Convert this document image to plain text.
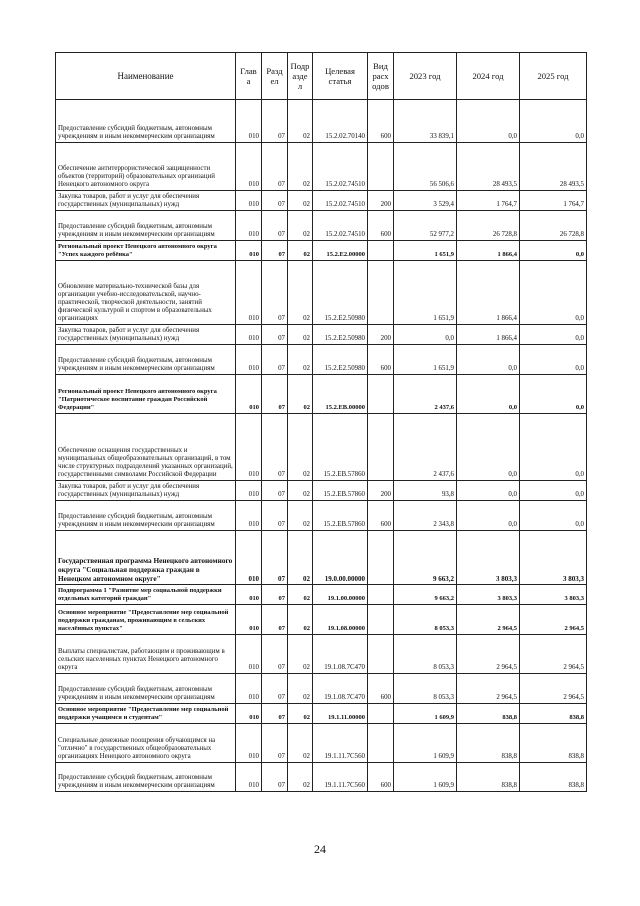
Наименование	Глав а	Разд ел	Подр азде л	Целевая статья	Вид расх одов	2023 год	2024 год	2025 год
Предоставление субсидий бюджетным, автономным учреждениям и иным некоммерческим организациям	010	07	02	15.2.02.70140	600	33 839,1	0,0	0,0
Обеспечение антитеррористической защищенности объектов (территорий) образовательных организаций Ненецкого автономного округа	010	07	02	15.2.02.74510		56 506,6	28 493,5	28 493,5
Закупка товаров, работ и услуг для обеспечения государственных (муниципальных) нужд	010	07	02	15.2.02.74510	200	3 529,4	1 764,7	1 764,7
Предоставление субсидий бюджетным, автономным учреждениям и иным некоммерческим организациям	010	07	02	15.2.02.74510	600	52 977,2	26 728,8	26 728,8
Региональный проект Ненецкого автономного округа "Успех каждого ребёнка"	010	07	02	15.2.Е2.00000		1 651,9	1 866,4	0,0
Обновление материально-технической базы для организации учебно-исследовательской, научно-практической, творческой деятельности, занятий физической культурой и спортом в образовательных организациях	010	07	02	15.2.Е2.50980		1 651,9	1 866,4	0,0
Закупка товаров, работ и услуг для обеспечения государственных (муниципальных) нужд	010	07	02	15.2.Е2.50980	200	0,0	1 866,4	0,0
Предоставление субсидий бюджетным, автономным учреждениям и иным некоммерческим организациям	010	07	02	15.2.Е2.50980	600	1 651,9	0,0	0,0
Региональный проект Ненецкого автономного округа "Патриотическое воспитание граждан Российской Федерации"	010	07	02	15.2.ЕВ.00000		2 437,6	0,0	0,0
Обеспечение оснащения государственных и муниципальных общеобразовательных организаций, в том числе структурных подразделений указанных организаций, государственными символами Российской Федерации	010	07	02	15.2.ЕВ.57860		2 437,6	0,0	0,0
Закупка товаров, работ и услуг для обеспечения государственных (муниципальных) нужд	010	07	02	15.2.ЕВ.57860	200	93,8	0,0	0,0
Предоставление субсидий бюджетным, автономным учреждениям и иным некоммерческим организациям	010	07	02	15.2.ЕВ.57860	600	2 343,8	0,0	0,0
Государственная программа Ненецкого автономного округа "Социальная поддержка граждан в Ненецком автономном округе"	010	07	02	19.0.00.00000		9 663,2	3 803,3	3 803,3
Подпрограмма 1 "Развитие мер социальной поддержки отдельных категорий граждан"	010	07	02	19.1.00.00000		9 663,2	3 803,3	3 803,3
Основное мероприятие "Предоставление мер социальной поддержки гражданам, проживающим в сельских населённых пунктах"	010	07	02	19.1.08.00000		8 053,3	2 964,5	2 964,5
Выплаты специалистам, работающим и проживающим в сельских населенных пунктах Ненецкого автономного округа	010	07	02	19.1.08.7С470		8 053,3	2 964,5	2 964,5
Предоставление субсидий бюджетным, автономным учреждениям и иным некоммерческим организациям	010	07	02	19.1.08.7С470	600	8 053,3	2 964,5	2 964,5
Основное мероприятие "Предоставление мер социальной поддержки учащимся и студентам"	010	07	02	19.1.11.00000		1 609,9	838,8	838,8
Специальные денежные поощрения обучающимся на "отлично" в государственных общеобразовательных организациях Ненецкого автономного округа	010	07	02	19.1.11.7С560		1 609,9	838,8	838,8
Предоставление субсидий бюджетным, автономным учреждениям и иным некоммерческим организациям	010	07	02	19.1.11.7С560	600	1 609,9	838,8	838,8
24
